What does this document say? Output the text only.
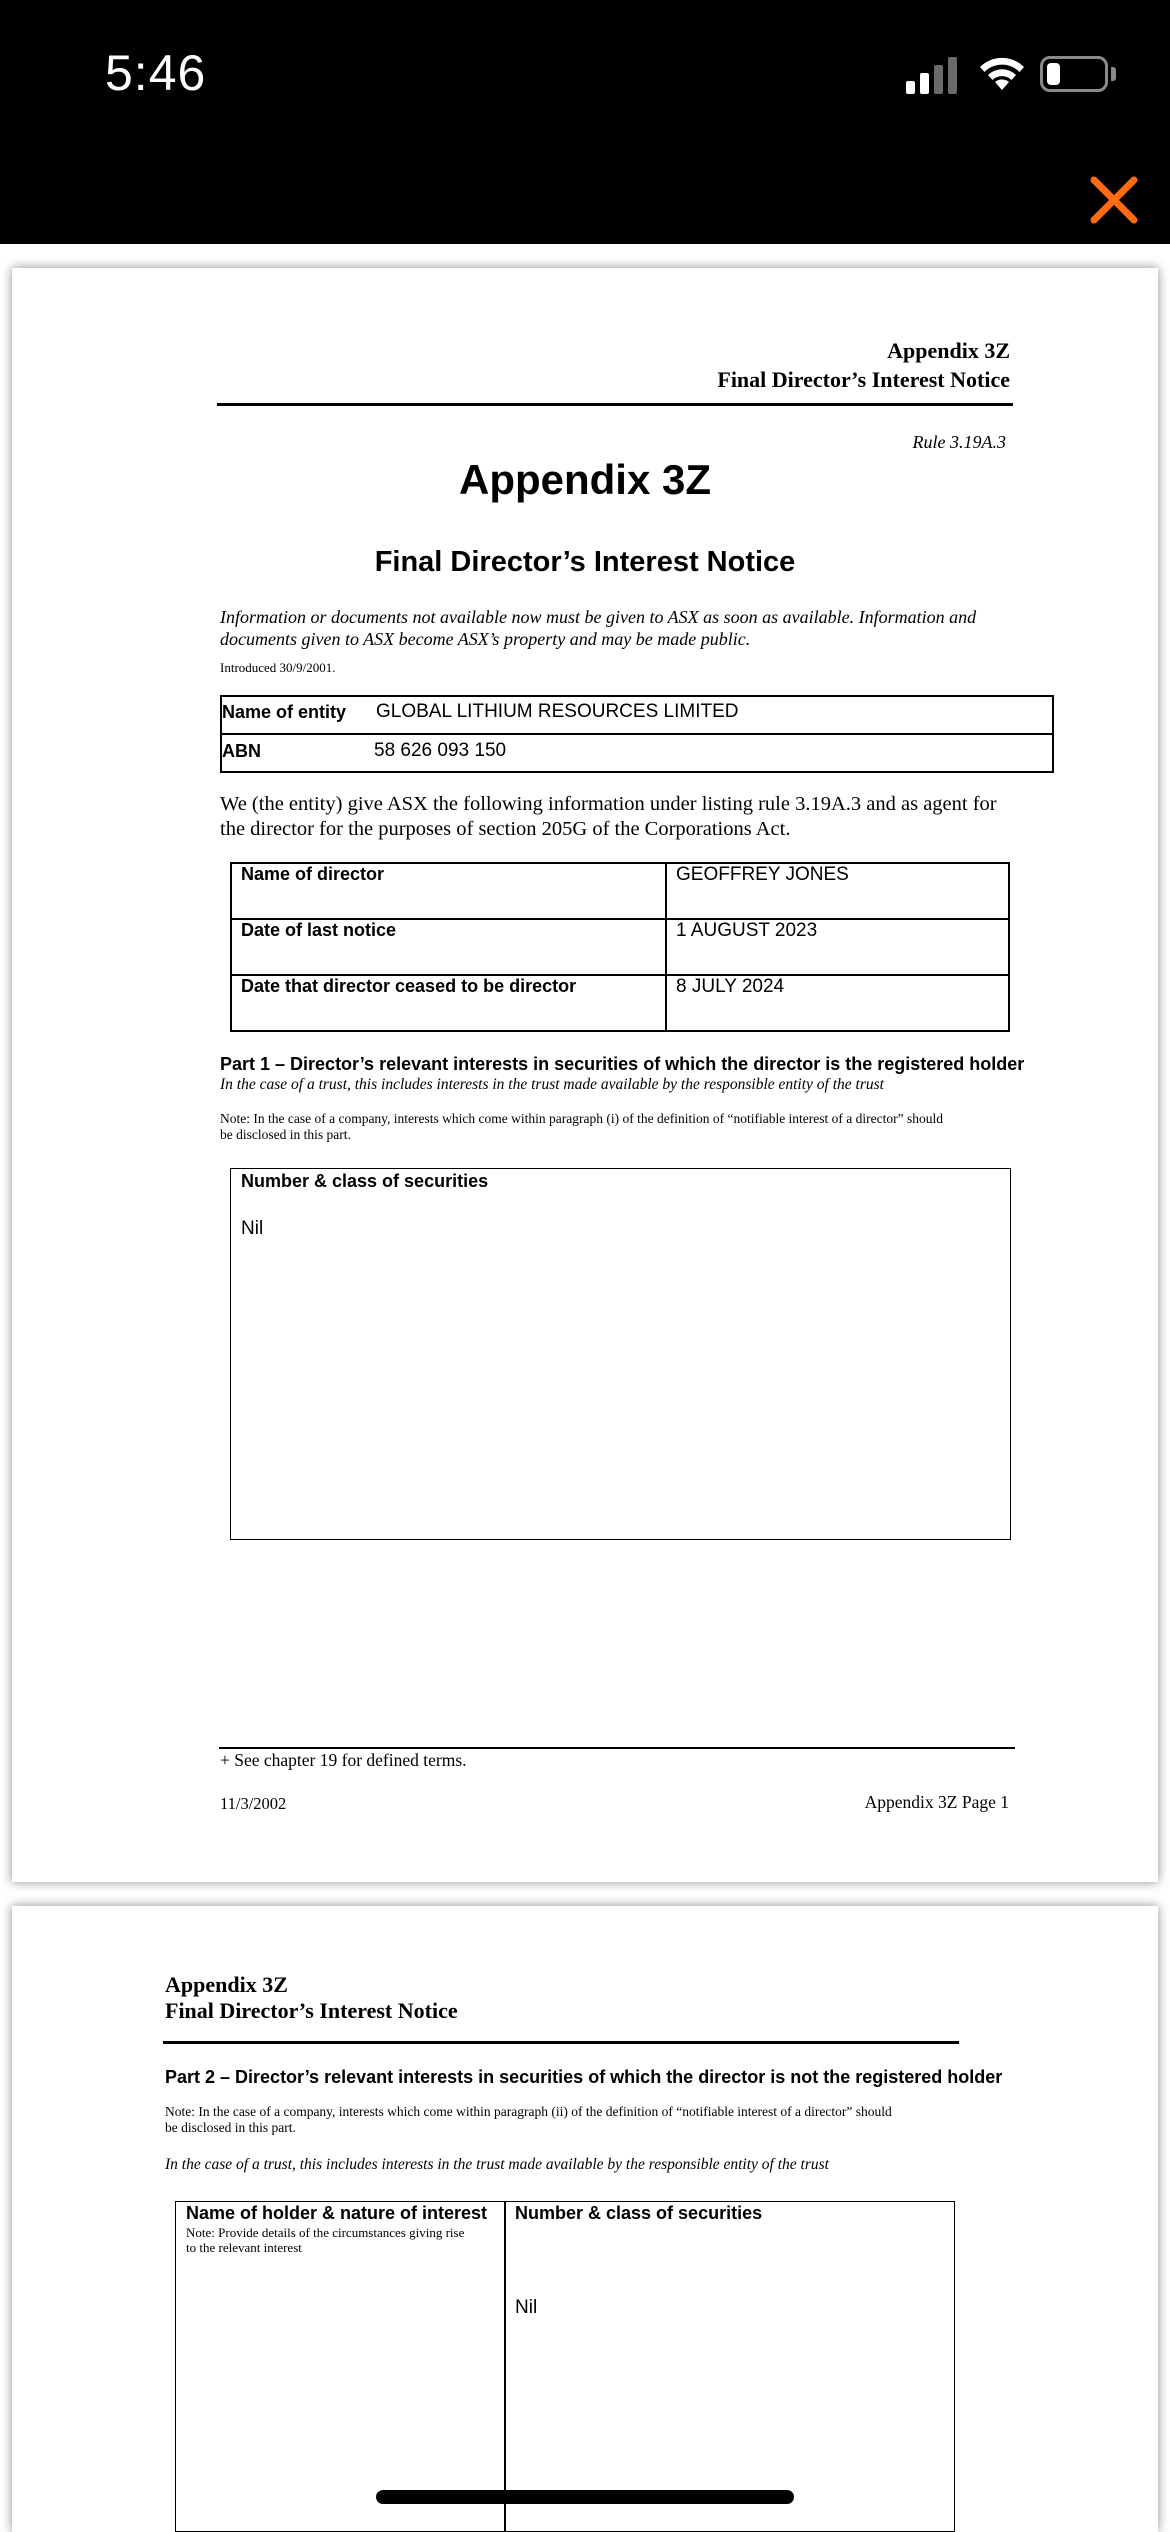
5:46
Appendix 3Z
Final Director’s Interest Notice
Rule 3.19A.3
Appendix 3Z
Final Director’s Interest Notice
Information or documents not available now must be given to ASX as soon as available. Information and
documents given to ASX become ASX’s property and may be made public.
Introduced 30/9/2001.
Name of entity GLOBAL LITHIUM RESOURCES LIMITED
ABN	58 626 093 150
We (the entity) give ASX the following information under listing rule 3.19A.3 and as agent for
the director for the purposes of section 205G of the Corporations Act.
Name of director	GEOFFREY JONES
Date of last notice	1 AUGUST 2023
Date that director ceased to be director	8 JULY 2024
Part 1 – Director’s relevant interests in securities of which the director is the registered holder
In the case of a trust, this includes interests in the trust made available by the responsible entity of the trust
Note: In the case of a company, interests which come within paragraph (i) of the definition of “notifiable interest of a director” should
be disclosed in this part.
Number & class of securities
Nil
+ See chapter 19 for defined terms.
11/3/2002	Appendix 3Z Page 1
Appendix 3Z
Final Director’s Interest Notice
Part 2 – Director’s relevant interests in securities of which the director is not the registered holder
Note: In the case of a company, interests which come within paragraph (ii) of the definition of “notifiable interest of a director” should
be disclosed in this part.
In the case of a trust, this includes interests in the trust made available by the responsible entity of the trust
Name of holder & nature of interest
Note: Provide details of the circumstances giving rise
to the relevant interest
Number & class of securities
Nil
